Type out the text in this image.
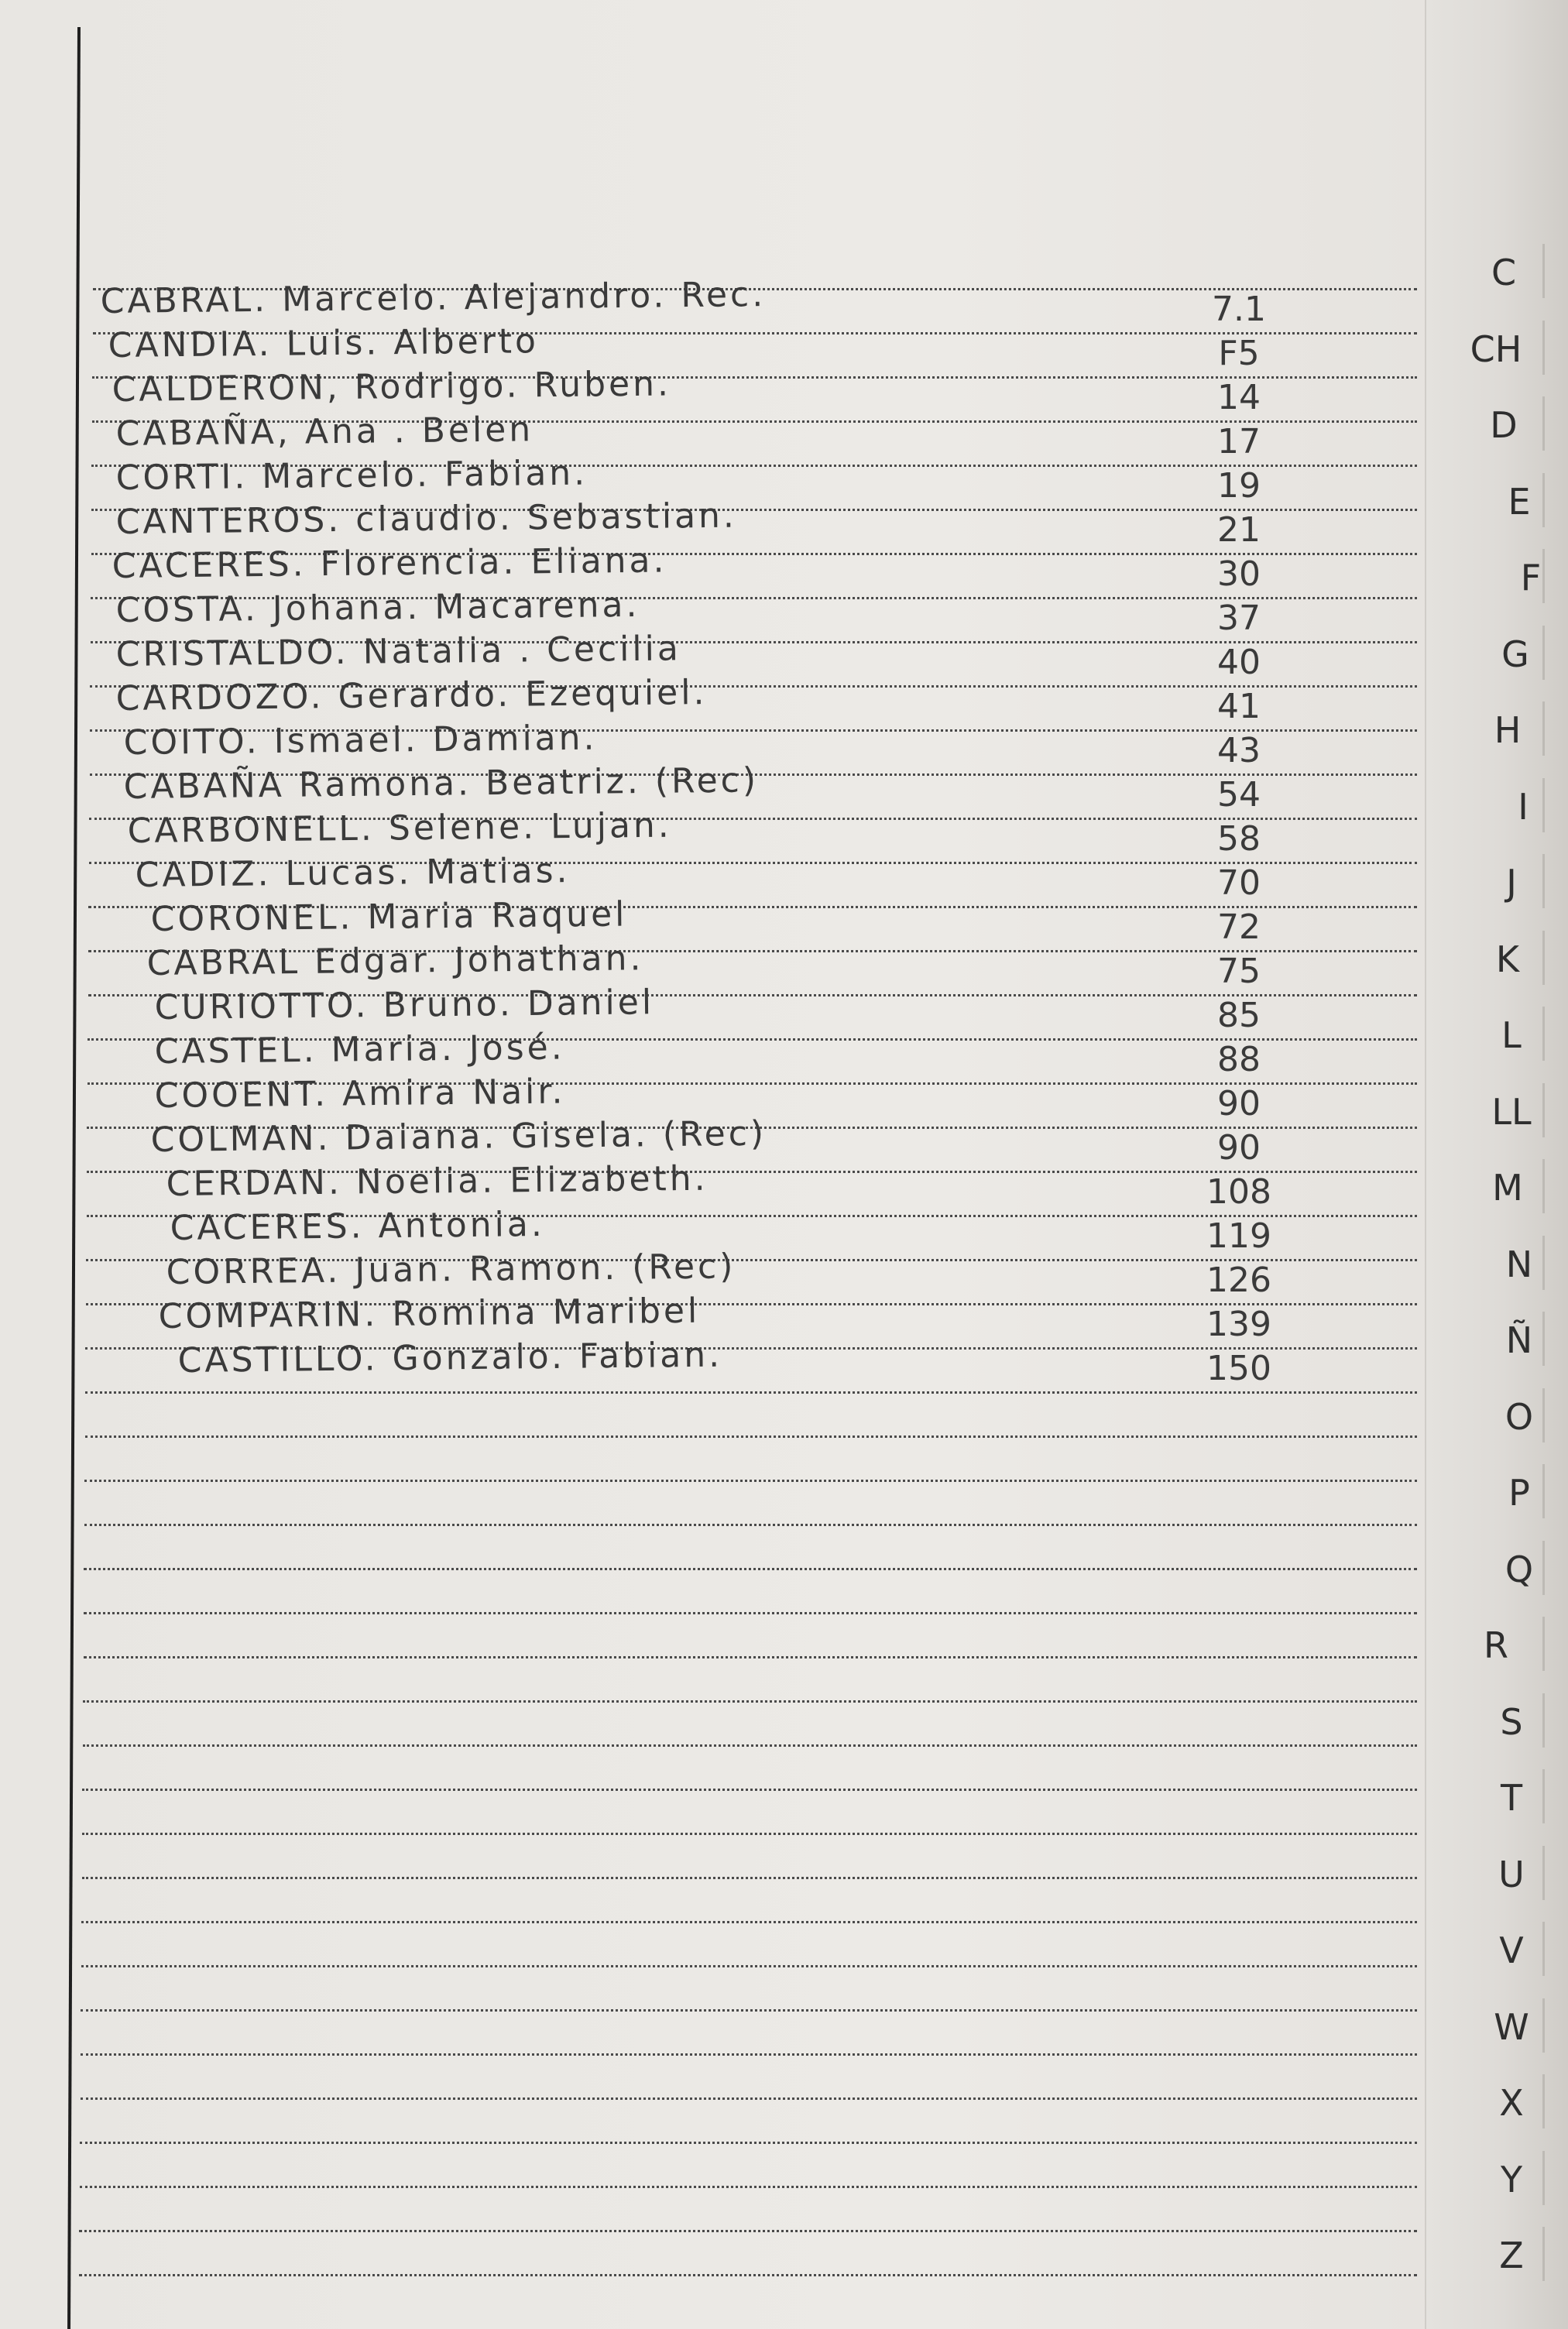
CABRAL. Marcelo. Alejandro. Rec.	7.1
CANDIA. Luis. Alberto	F5
CALDERON, Rodrigo. Ruben.	14
CABAÑA, Ana . Belen	17
CORTI. Marcelo. Fabian.	19
CANTEROS. claudio. Sebastian.	21
CACERES. Florencia. Eliana.	30
COSTA. Johana. Macarena.	37
CRISTALDO. Natalia . Cecilia	40
CARDOZO. Gerardo. Ezequiel.	41
COITO. Ismael. Damian.	43
CABAÑA Ramona. Beatriz. (Rec)	54
CARBONELL. Selene. Lujan.	58
CADIZ. Lucas. Matias.	70
CORONEL. Maria Raquel	72
CABRAL Edgar. Johathan.	75
CURIOTTO. Bruno. Daniel	85
CASTEL. Maria. José.	88
COOENT. Amira Nair.	90
COLMAN. Daiana. Gisela. (Rec)	90
CERDAN. Noelia. Elizabeth.	108
CACERES. Antonia.	119
CORREA. Juan. Ramon. (Rec)	126
COMPARIN. Romina Maribel	139
CASTILLO. Gonzalo. Fabian.	150
C
CH
D
E
F
G
H
I
J
K
L
LL
M
N
Ñ
O
P
Q
R
S
T
U
V
W
X
Y
Z
